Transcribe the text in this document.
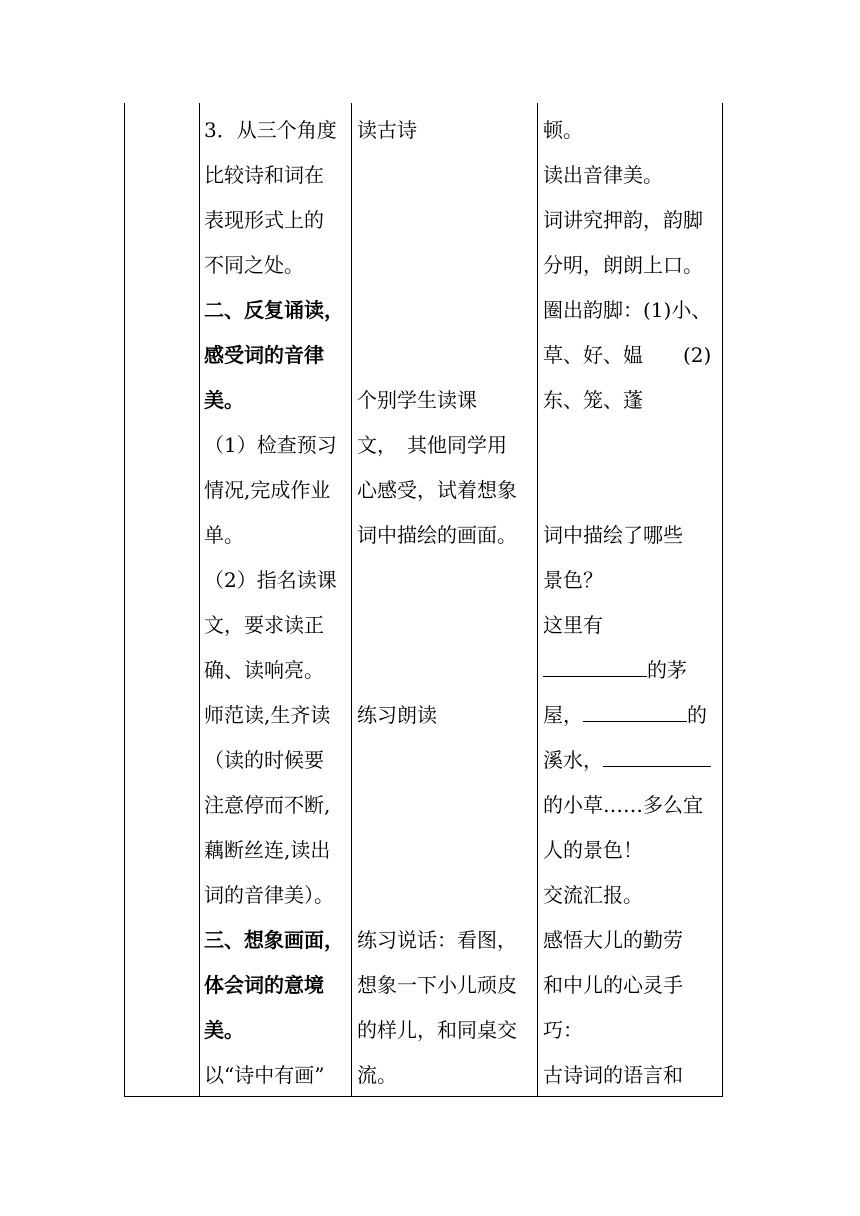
3．从三个角度
比较诗和词在
表现形式上的
不同之处。
二、反复诵读，
感受词的音律
美。
（1）检查预习
情况,完成作业
单。
（2）指名读课
文，要求读正
确、读响亮。
师范读,生齐读
（读的时候要
注意停而不断,
藕断丝连,读出
词的音律美）。
三、想象画面，
体会词的意境
美。
以“诗中有画”
读古诗
个别学生读课
文，　其他同学用
心感受，试着想象
词中描绘的画面。
练习朗读
练习说话：看图，
想象一下小儿顽皮
的样儿，和同桌交
流。
顿。
读出音律美。
词讲究押韵，韵脚
分明，朗朗上口。
圈出韵脚：(1)小、
草、好、媪　　(2)
东、笼、蓬
词中描绘了哪些
景色？
这里有
的茅
屋，	的
溪水，
的小草……多么宜
人的景色！
交流汇报。
感悟大儿的勤劳
和中儿的心灵手
巧：
古诗词的语言和
